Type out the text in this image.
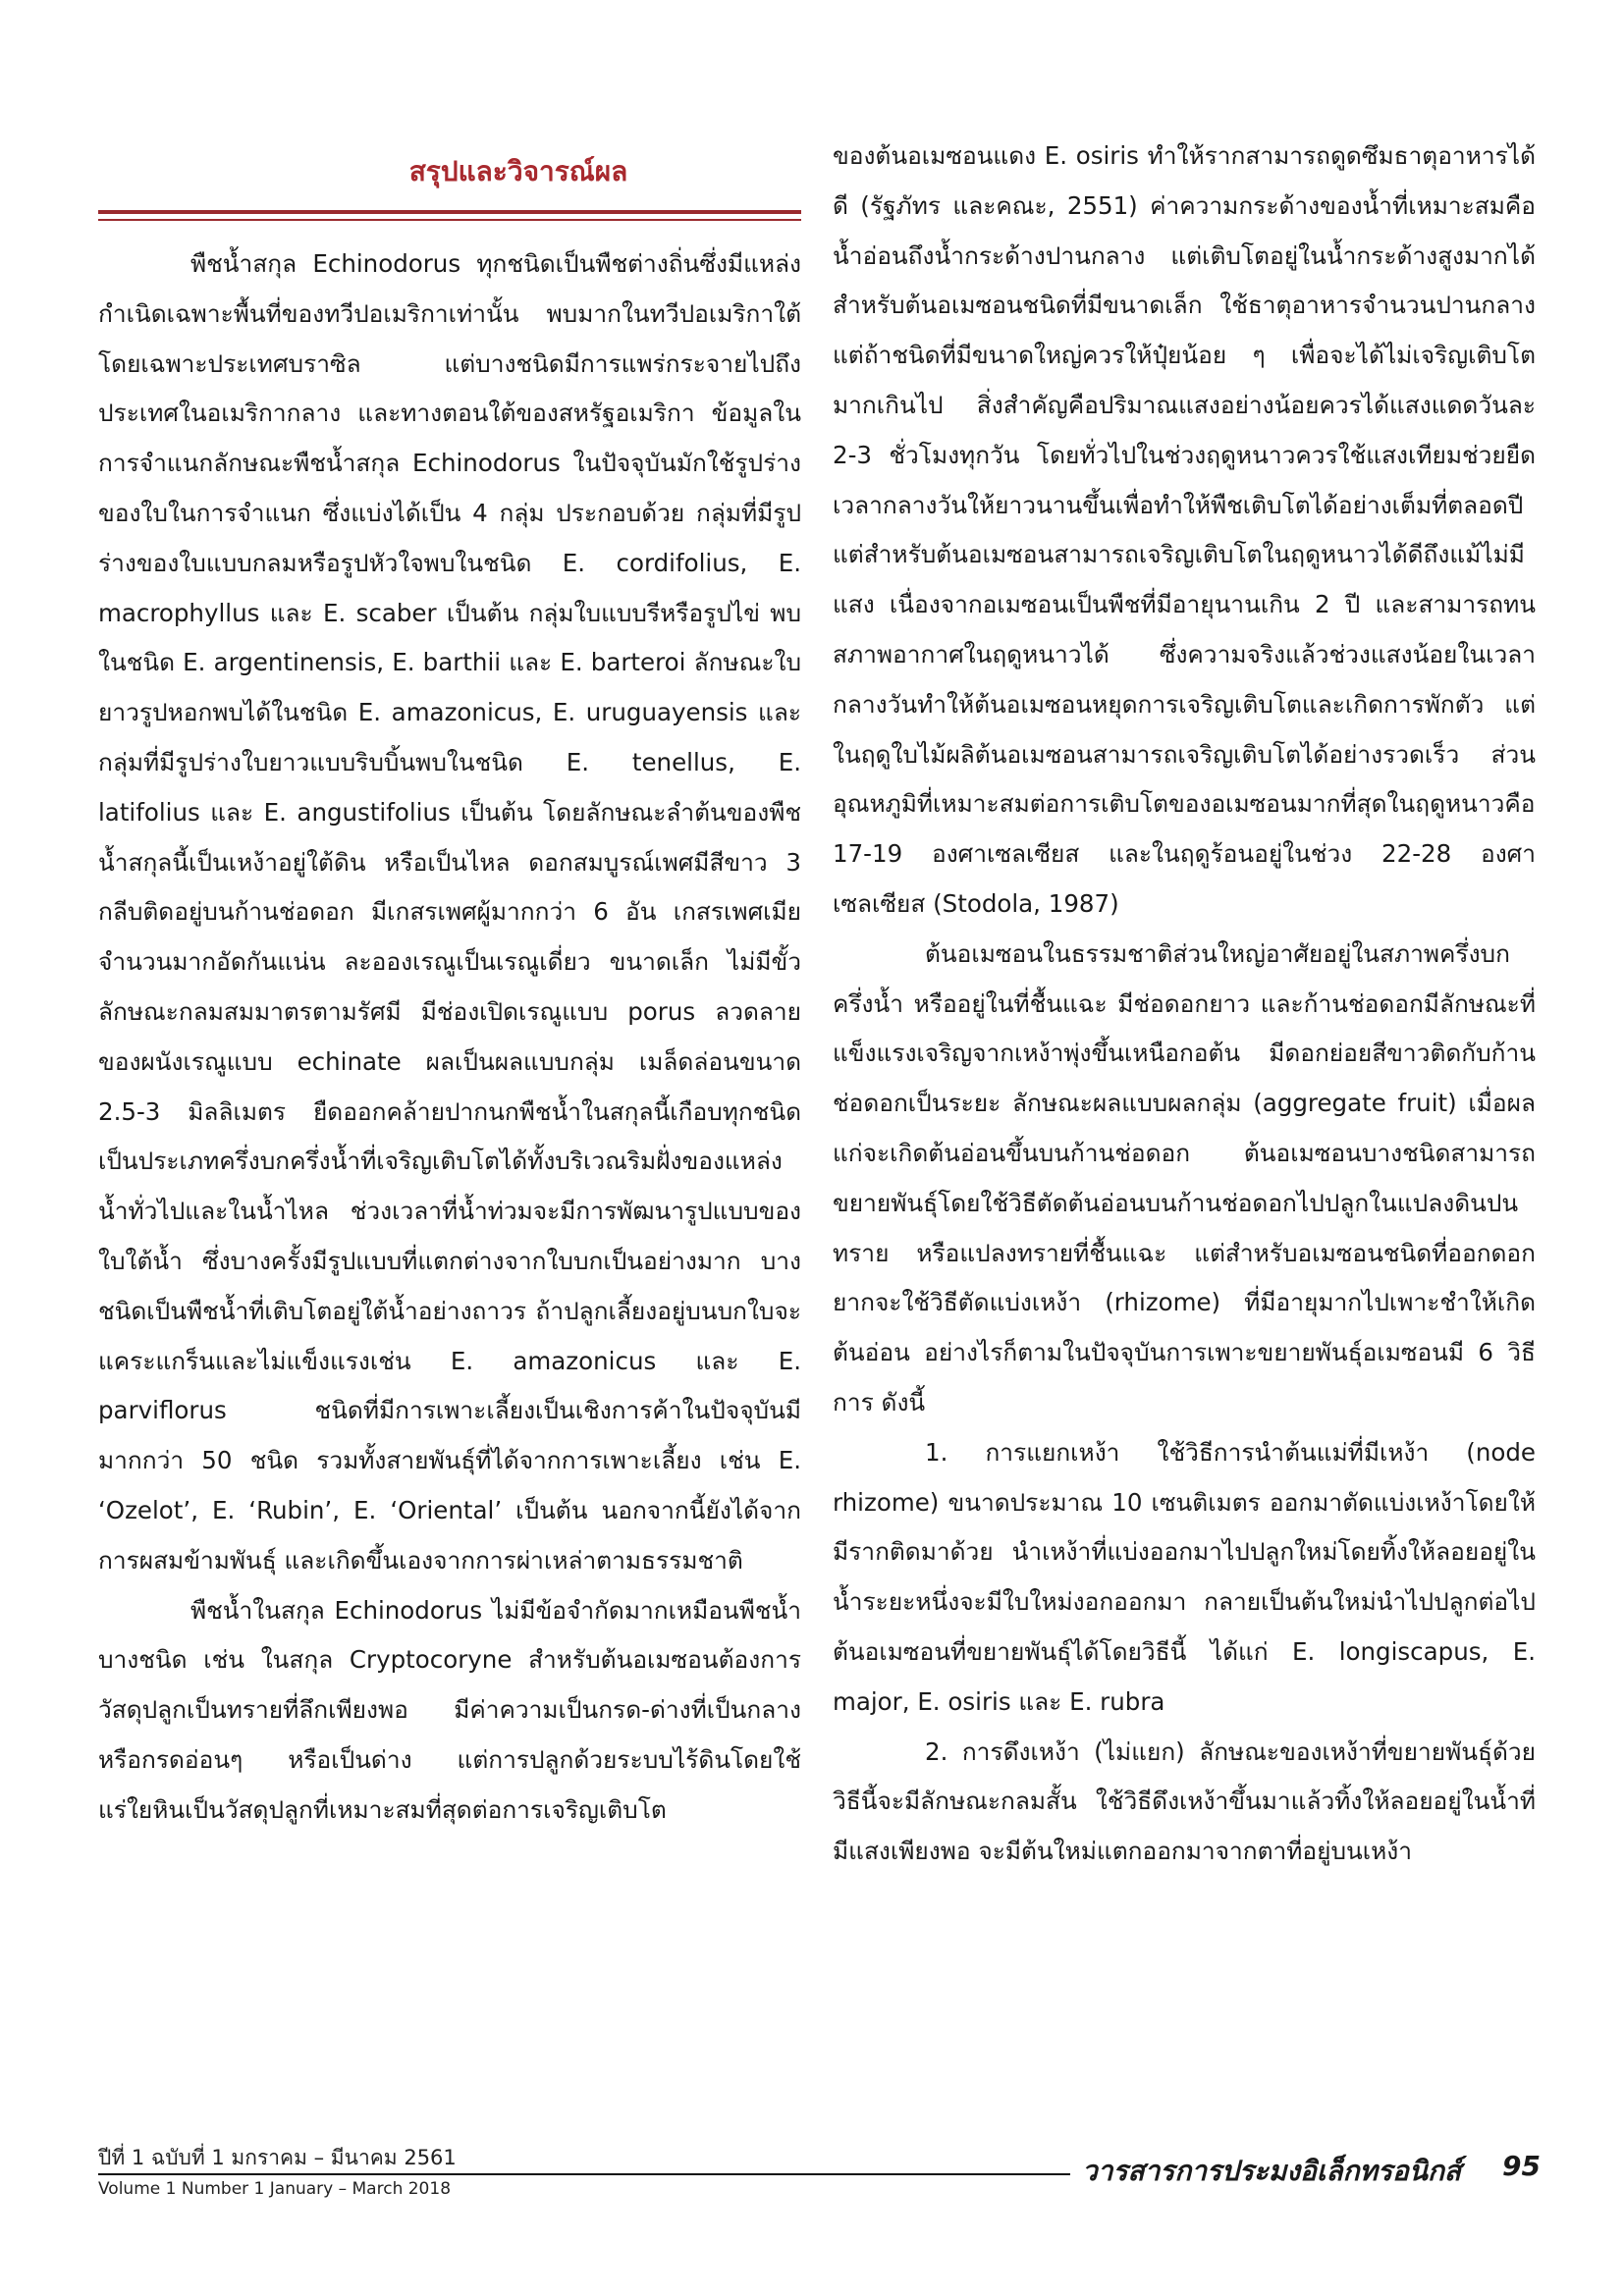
สรุปและวิจารณ์ผล

พืชน้ำสกุล Echinodorus ทุกชนิดเป็นพืชต่างถิ่นซึ่งมีแหล่งกำเนิดเฉพาะพื้นที่ของทวีปอเมริกาเท่านั้น พบมากในทวีปอเมริกาใต้โดยเฉพาะประเทศบราซิล แต่บางชนิดมีการแพร่กระจายไปถึงประเทศในอเมริกากลาง และทางตอนใต้ของสหรัฐอเมริกา ข้อมูลในการจำแนกลักษณะพืชน้ำสกุล Echinodorus ในปัจจุบันมักใช้รูปร่างของใบในการจำแนก ซึ่งแบ่งได้เป็น 4 กลุ่ม ประกอบด้วย กลุ่มที่มีรูปร่างของใบแบบกลมหรือรูปหัวใจพบในชนิด E. cordifolius, E. macrophyllus และ E. scaber เป็นต้น กลุ่มใบแบบรีหรือรูปไข่ พบในชนิด E. argentinensis, E. barthii และ E. barteroi ลักษณะใบยาวรูปหอกพบได้ในชนิด E. amazonicus, E. uruguayensis และกลุ่มที่มีรูปร่างใบยาวแบบริบบิ้นพบในชนิด E. tenellus, E. latifolius และ E. angustifolius เป็นต้น โดยลักษณะลำต้นของพืชน้ำสกุลนี้เป็นเหง้าอยู่ใต้ดิน หรือเป็นไหล ดอกสมบูรณ์เพศมีสีขาว 3 กลีบติดอยู่บนก้านช่อดอก มีเกสรเพศผู้มากกว่า 6 อัน เกสรเพศเมียจำนวนมากอัดกันแน่น ละอองเรณูเป็นเรณูเดี่ยว ขนาดเล็ก ไม่มีขั้ว ลักษณะกลมสมมาตรตามรัศมี มีช่องเปิดเรณูแบบ porus ลวดลายของผนังเรณูแบบ echinate ผลเป็นผลแบบกลุ่ม เมล็ดล่อนขนาด 2.5-3 มิลลิเมตร ยืดออกคล้ายปากนกพืชน้ำในสกุลนี้เกือบทุกชนิดเป็นประเภทครึ่งบกครึ่งน้ำที่เจริญเติบโตได้ทั้งบริเวณริมฝั่งของแหล่งน้ำทั่วไปและในน้ำไหล ช่วงเวลาที่น้ำท่วมจะมีการพัฒนารูปแบบของใบใต้น้ำ ซึ่งบางครั้งมีรูปแบบที่แตกต่างจากใบบกเป็นอย่างมาก บางชนิดเป็นพืชน้ำที่เติบโตอยู่ใต้น้ำอย่างถาวร ถ้าปลูกเลี้ยงอยู่บนบกใบจะแคระแกร็นและไม่แข็งแรงเช่น E. amazonicus และ E. parviflorus ชนิดที่มีการเพาะเลี้ยงเป็นเชิงการค้าในปัจจุบันมีมากกว่า 50 ชนิด รวมทั้งสายพันธุ์ที่ได้จากการเพาะเลี้ยง เช่น E. ‘Ozelot’, E. ‘Rubin’, E. ‘Oriental’ เป็นต้น นอกจากนี้ยังได้จากการผสมข้ามพันธุ์ และเกิดขึ้นเองจากการผ่าเหล่าตามธรรมชาติ

พืชน้ำในสกุล Echinodorus ไม่มีข้อจำกัดมากเหมือนพืชน้ำบางชนิด เช่น ในสกุล Cryptocoryne สำหรับต้นอเมซอนต้องการวัสดุปลูกเป็นทรายที่ลึกเพียงพอ มีค่าความเป็นกรด-ด่างที่เป็นกลางหรือกรดอ่อนๆ หรือเป็นด่าง แต่การปลูกด้วยระบบไร้ดินโดยใช้แร่ใยหินเป็นวัสดุปลูกที่เหมาะสมที่สุดต่อการเจริญเติบโต

ของต้นอเมซอนแดง E. osiris ทำให้รากสามารถดูดซึมธาตุอาหารได้ดี (รัฐภัทร และคณะ, 2551) ค่าความกระด้างของน้ำที่เหมาะสมคือน้ำอ่อนถึงน้ำกระด้างปานกลาง แต่เติบโตอยู่ในน้ำกระด้างสูงมากได้ สำหรับต้นอเมซอนชนิดที่มีขนาดเล็ก ใช้ธาตุอาหารจำนวนปานกลาง แต่ถ้าชนิดที่มีขนาดใหญ่ควรให้ปุ๋ยน้อย ๆ เพื่อจะได้ไม่เจริญเติบโตมากเกินไป สิ่งสำคัญคือปริมาณแสงอย่างน้อยควรได้แสงแดดวันละ 2-3 ชั่วโมงทุกวัน โดยทั่วไปในช่วงฤดูหนาวควรใช้แสงเทียมช่วยยืดเวลากลางวันให้ยาวนานขึ้นเพื่อทำให้พืชเติบโตได้อย่างเต็มที่ตลอดปี แต่สำหรับต้นอเมซอนสามารถเจริญเติบโตในฤดูหนาวได้ดีถึงแม้ไม่มีแสง เนื่องจากอเมซอนเป็นพืชที่มีอายุนานเกิน 2 ปี และสามารถทนสภาพอากาศในฤดูหนาวได้ ซึ่งความจริงแล้วช่วงแสงน้อยในเวลากลางวันทำให้ต้นอเมซอนหยุดการเจริญเติบโตและเกิดการพักตัว แต่ในฤดูใบไม้ผลิต้นอเมซอนสามารถเจริญเติบโตได้อย่างรวดเร็ว ส่วนอุณหภูมิที่เหมาะสมต่อการเติบโตของอเมซอนมากที่สุดในฤดูหนาวคือ 17-19 องศาเซลเซียส และในฤดูร้อนอยู่ในช่วง 22-28 องศาเซลเซียส (Stodola, 1987)

ต้นอเมซอนในธรรมชาติส่วนใหญ่อาศัยอยู่ในสภาพครึ่งบกครึ่งน้ำ หรืออยู่ในที่ชื้นแฉะ มีช่อดอกยาว และก้านช่อดอกมีลักษณะที่แข็งแรงเจริญจากเหง้าพุ่งขึ้นเหนือกอต้น มีดอกย่อยสีขาวติดกับก้านช่อดอกเป็นระยะ ลักษณะผลแบบผลกลุ่ม (aggregate fruit) เมื่อผลแก่จะเกิดต้นอ่อนขึ้นบนก้านช่อดอก ต้นอเมซอนบางชนิดสามารถขยายพันธุ์โดยใช้วิธีตัดต้นอ่อนบนก้านช่อดอกไปปลูกในแปลงดินปนทราย หรือแปลงทรายที่ชื้นแฉะ แต่สำหรับอเมซอนชนิดที่ออกดอกยากจะใช้วิธีตัดแบ่งเหง้า (rhizome) ที่มีอายุมากไปเพาะชำให้เกิดต้นอ่อน อย่างไรก็ตามในปัจจุบันการเพาะขยายพันธุ์อเมซอนมี 6 วิธีการ ดังนี้

1. การแยกเหง้า ใช้วิธีการนำต้นแม่ที่มีเหง้า (node rhizome) ขนาดประมาณ 10 เซนติเมตร ออกมาตัดแบ่งเหง้าโดยให้มีรากติดมาด้วย นำเหง้าที่แบ่งออกมาไปปลูกใหม่โดยทิ้งให้ลอยอยู่ในน้ำระยะหนึ่งจะมีใบใหม่งอกออกมา กลายเป็นต้นใหม่นำไปปลูกต่อไป ต้นอเมซอนที่ขยายพันธุ์ได้โดยวิธีนี้ ได้แก่ E. longiscapus, E. major, E. osiris และ E. rubra

2. การดึงเหง้า (ไม่แยก) ลักษณะของเหง้าที่ขยายพันธุ์ด้วยวิธีนี้จะมีลักษณะกลมสั้น ใช้วิธีดึงเหง้าขึ้นมาแล้วทิ้งให้ลอยอยู่ในน้ำที่มีแสงเพียงพอ จะมีต้นใหม่แตกออกมาจากตาที่อยู่บนเหง้า

ปีที่ 1 ฉบับที่ 1 มกราคม – มีนาคม 2561
Volume 1 Number 1 January – March 2018
วารสารการประมงอิเล็กทรอนิกส์ 95
